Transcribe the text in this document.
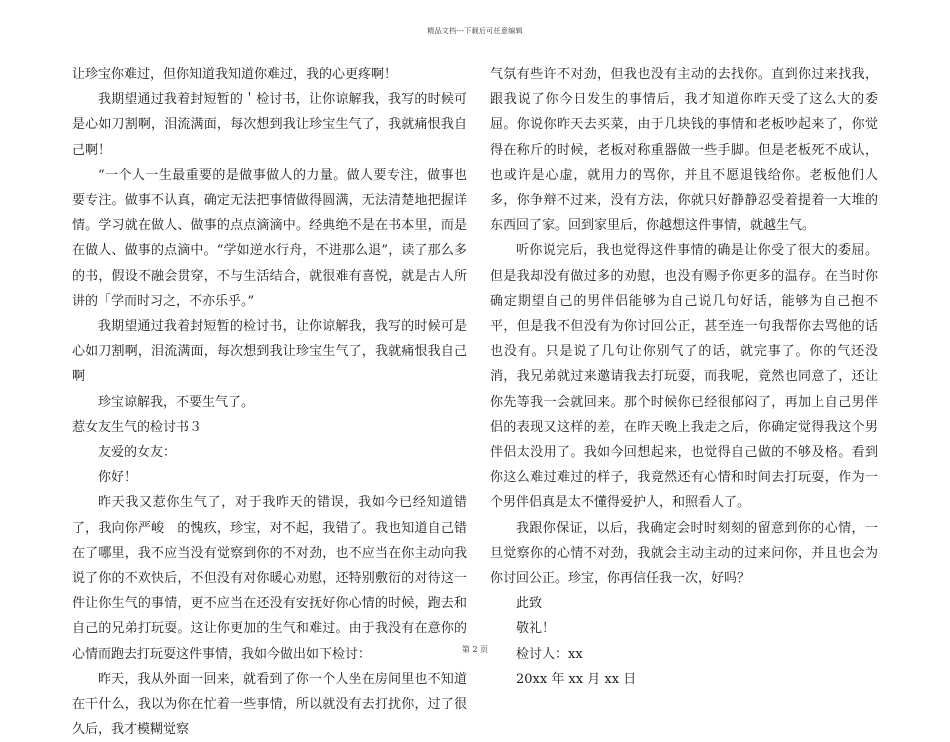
精品文档---下载后可任意编辑

让珍宝你难过，但你知道我知道你难过，我的心更疼啊！

我期望通过我着封短暂的＇检讨书，让你谅解我，我写的时候可是心如刀割啊，泪流满面，每次想到我让珍宝生气了，我就痛恨我自己啊！

“一个人一生最重要的是做事做人的力量。做人要专注，做事也要专注。做事不认真，确定无法把事情做得圆满，无法清楚地把握详情。学习就在做人、做事的点点滴滴中。经典绝不是在书本里，而是在做人、做事的点滴中。“学如逆水行舟，不进那么退”，读了那么多的书，假设不融会贯穿，不与生活结合，就很难有喜悦，就是古人所讲的「学而时习之，不亦乐乎。”

我期望通过我着封短暂的检讨书，让你谅解我，我写的时候可是心如刀割啊，泪流满面，每次想到我让珍宝生气了，我就痛恨我自己啊

珍宝谅解我，不要生气了。

惹女友生气的检讨书３

友爱的女友：

你好！

昨天我又惹你生气了，对于我昨天的错误，我如今已经知道错了，我向你严峻　的愧疚，珍宝，对不起，我错了。我也知道自己错在了哪里，我不应当没有觉察到你的不对劲，也不应当在你主动向我说了你的不欢快后，不但没有对你暖心劝慰，还特别敷衍的对待这一件让你生气的事情，更不应当在还没有安抚好你心情的时候，跑去和自己的兄弟打玩耍。这让你更加的生气和难过。由于我没有在意你的心情而跑去打玩耍这件事情，我如今做出如下检讨：

昨天，我从外面一回来，就看到了你一个人坐在房间里也不知道在干什么，我以为你在忙着一些事情，所以就没有去打扰你，过了很久后，我才模糊觉察

气氛有些许不对劲，但我也没有主动的去找你。直到你过来找我，跟我说了你今日发生的事情后，我才知道你昨天受了这么大的委屈。你说你昨天去买菜，由于几块钱的事情和老板吵起来了，你觉得在称斤的时候，老板对称重器做一些手脚。但是老板死不成认，也或许是心虚，就用力的骂你，并且不愿退钱给你。老板他们人多，你争辩不过来，没有方法，你就只好静静忍受着提着一大堆的东西回了家。回到家里后，你越想这件事情，就越生气。

听你说完后，我也觉得这件事情的确是让你受了很大的委屈。但是我却没有做过多的劝慰，也没有赐予你更多的温存。在当时你确定期望自己的男伴侣能够为自己说几句好话，能够为自己抱不平，但是我不但没有为你讨回公正，甚至连一句我帮你去骂他的话也没有。只是说了几句让你别气了的话，就完事了。你的气还没消，我兄弟就过来邀请我去打玩耍，而我呢，竟然也同意了，还让你先等我一会就回来。那个时候你已经很郁闷了，再加上自己男伴侣的表现又这样的差，在昨天晚上我走之后，你确定觉得我这个男伴侣太没用了。我如今回想起来，也觉得自己做的不够及格。看到你这么难过难过的样子，我竟然还有心情和时间去打玩耍，作为一个男伴侣真是太不懂得爱护人，和照看人了。

我跟你保证，以后，我确定会时时刻刻的留意到你的心情，一旦觉察你的心情不对劲，我就会主动主动的过来问你，并且也会为你讨回公正。珍宝，你再信任我一次，好吗？

此致

敬礼！

检讨人：xx

20xx 年 xx 月 xx 日

第 2 页
